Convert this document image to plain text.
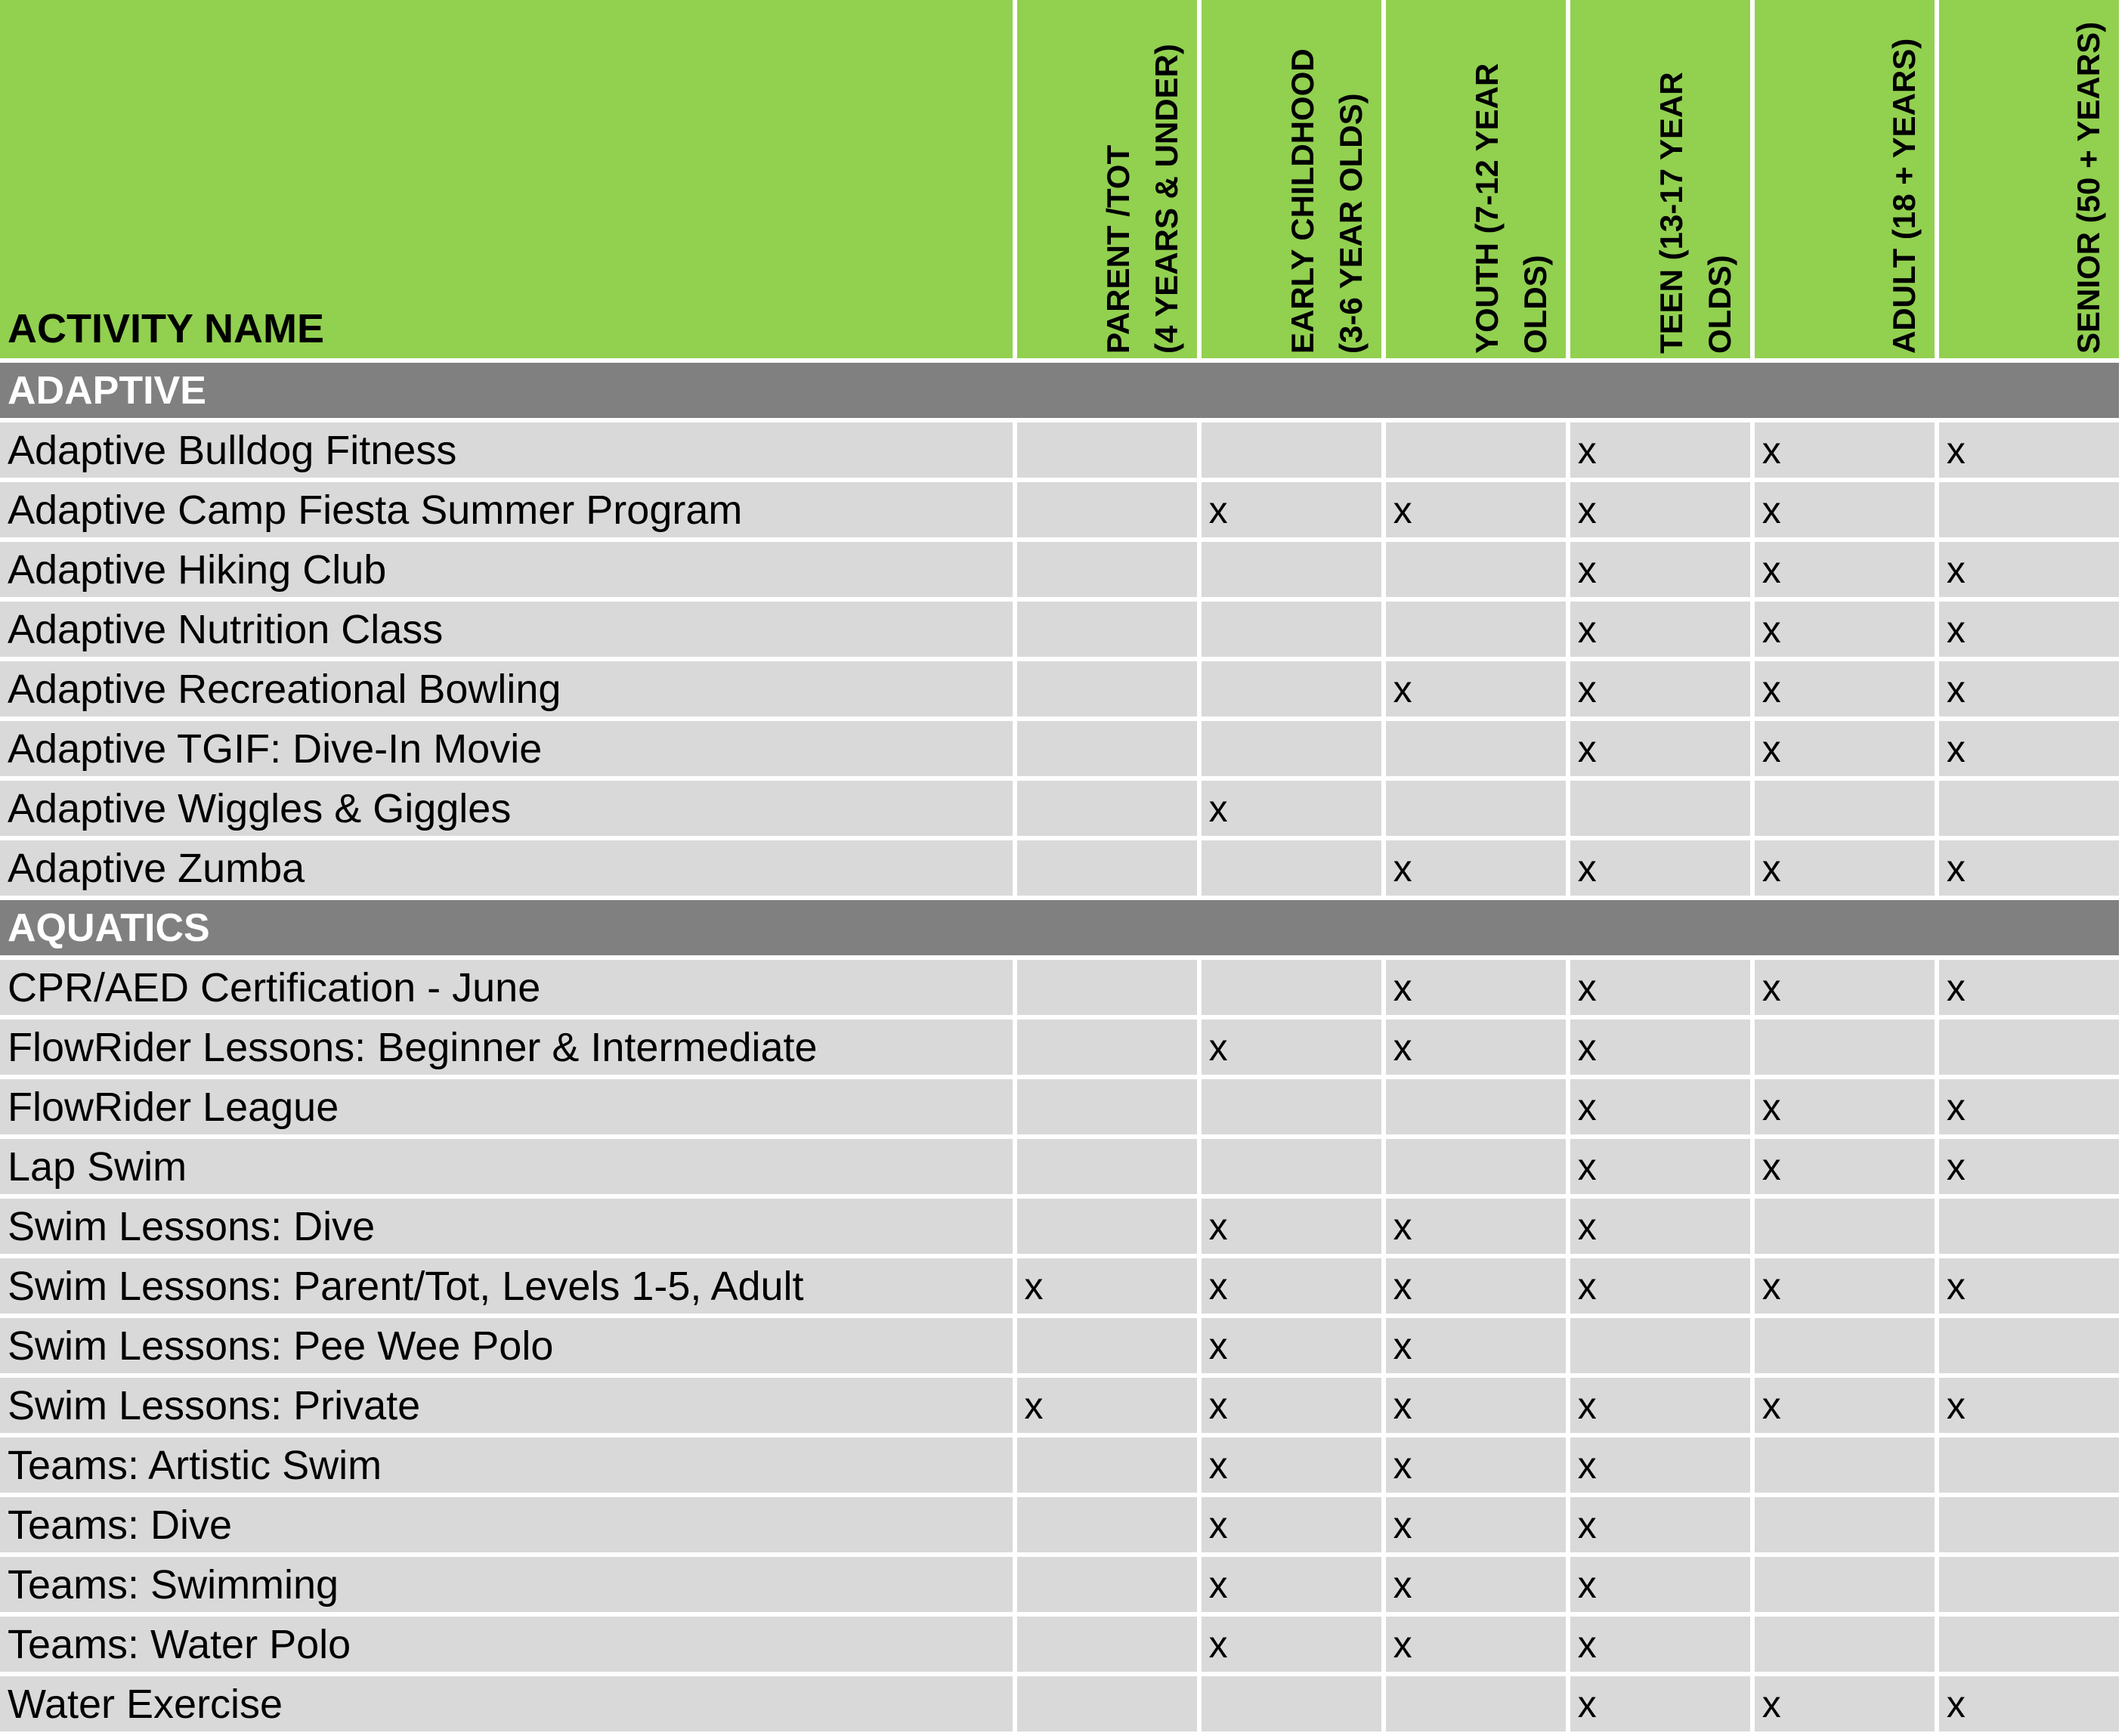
ACTIVITY NAME	PARENT /TOT (4 YEARS & UNDER)	EARLY CHILDHOOD (3-6 YEAR OLDS)	YOUTH (7-12 YEAR OLDS)	TEEN (13-17 YEAR OLDS)	ADULT (18 + YEARS)	SENIOR (50 + YEARS)

ADAPTIVE						
Adaptive Bulldog Fitness				x	x	x
Adaptive Camp Fiesta Summer Program		x	x	x	x	
Adaptive Hiking Club				x	x	x
Adaptive Nutrition Class				x	x	x
Adaptive Recreational Bowling			x	x	x	x
Adaptive TGIF: Dive-In Movie				x	x	x
Adaptive Wiggles & Giggles		x				
Adaptive Zumba			x	x	x	x
AQUATICS						
CPR/AED Certification - June			x	x	x	x
FlowRider Lessons: Beginner & Intermediate		x	x	x		
FlowRider League				x	x	x
Lap Swim				x	x	x
Swim Lessons: Dive		x	x	x		
Swim Lessons: Parent/Tot, Levels 1-5, Adult	x	x	x	x	x	x
Swim Lessons: Pee Wee Polo		x	x			
Swim Lessons: Private	x	x	x	x	x	x
Teams: Artistic Swim		x	x	x		
Teams: Dive		x	x	x		
Teams: Swimming		x	x	x		
Teams: Water Polo		x	x	x		
Water Exercise				x	x	x
